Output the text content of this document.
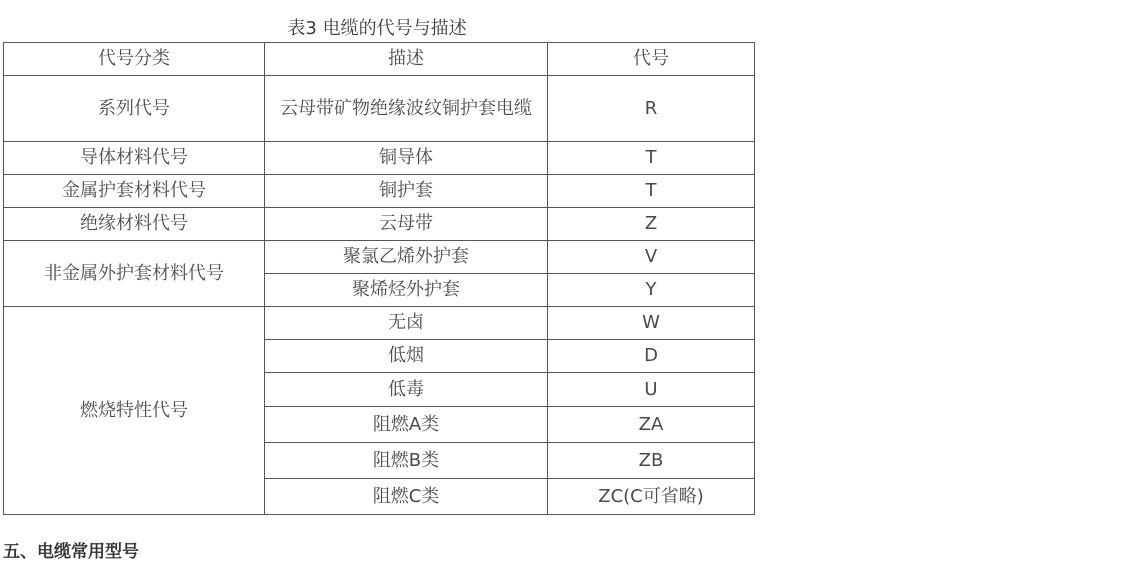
表3 电缆的代号与描述
代号分类	描述	代号
系列代号	云母带矿物绝缘波纹铜护套电缆	R
导体材料代号	铜导体	T
金属护套材料代号	铜护套	T
绝缘材料代号	云母带	Z
非金属外护套材料代号	聚氯乙烯外护套	V
	聚烯烃外护套	Y
燃烧特性代号	无卤	W
	低烟	D
	低毒	U
	阻燃A类	ZA
	阻燃B类	ZB
	阻燃C类	ZC(C可省略)
五、电缆常用型号
